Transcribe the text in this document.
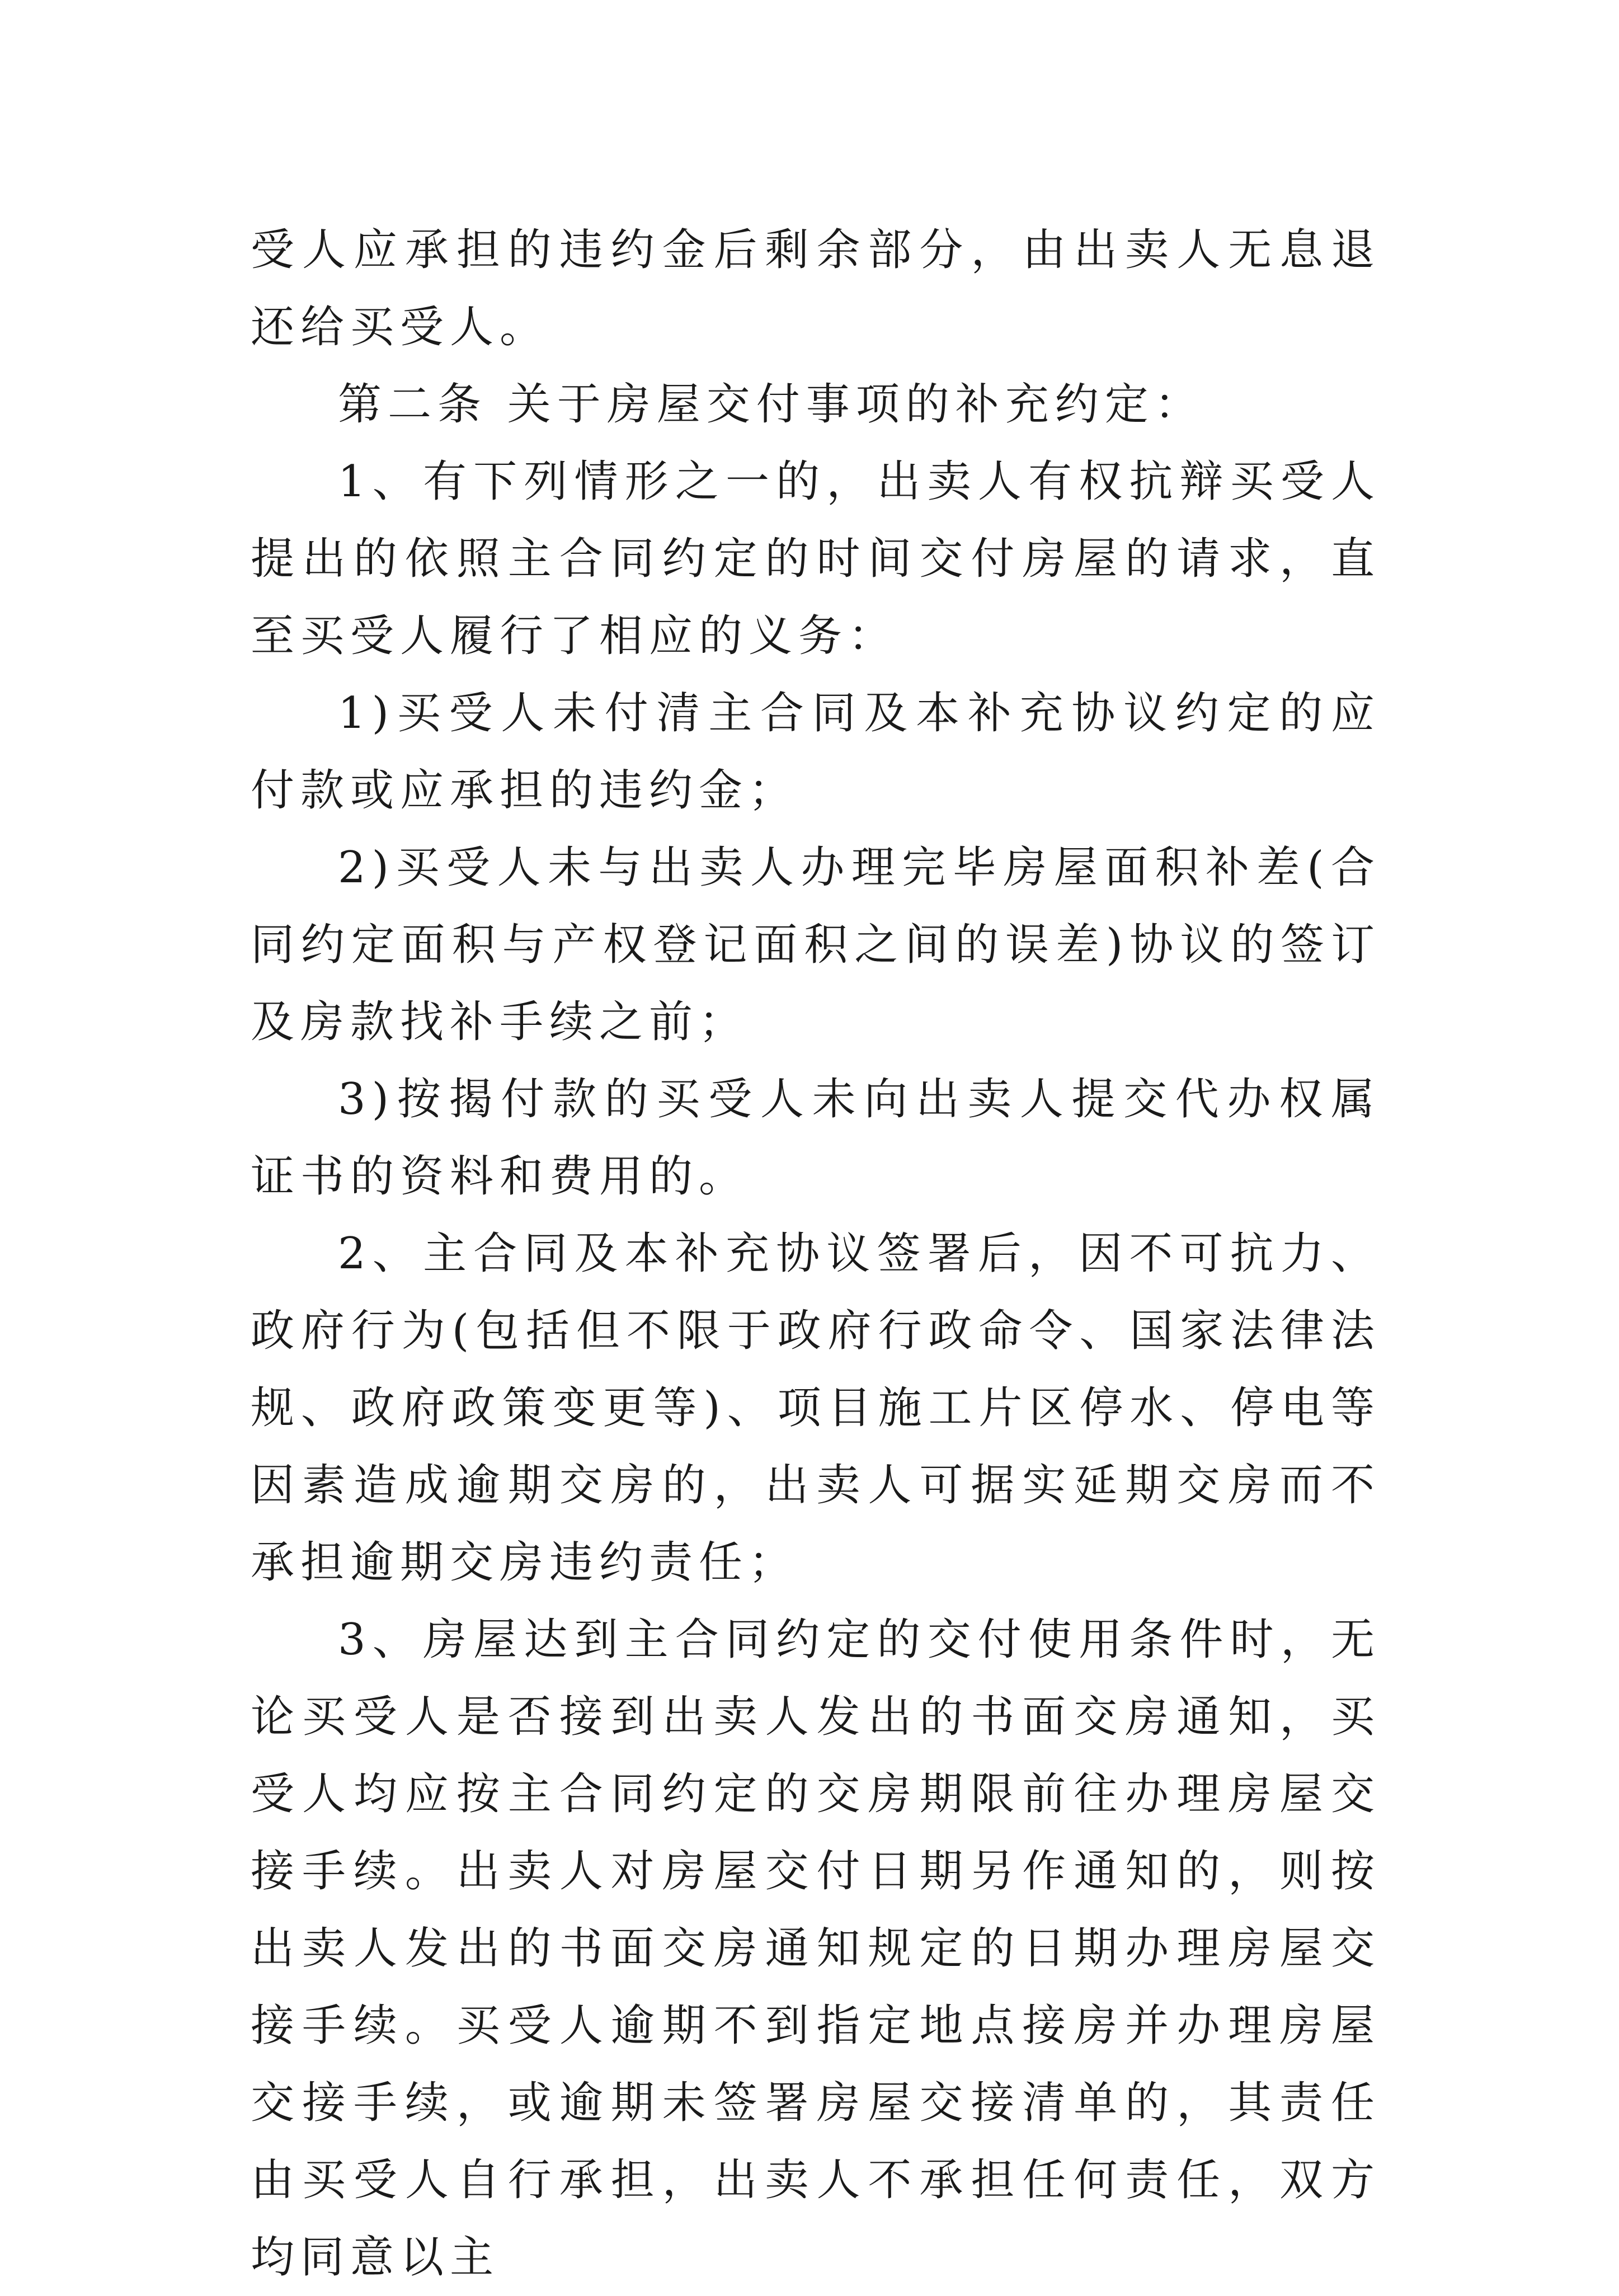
受人应承担的违约金后剩余部分，由出卖人无息退还给买受人。

第二条 关于房屋交付事项的补充约定：

1、有下列情形之一的，出卖人有权抗辩买受人提出的依照主合同约定的时间交付房屋的请求，直至买受人履行了相应的义务：

1)买受人未付清主合同及本补充协议约定的应付款或应承担的违约金；

2)买受人未与出卖人办理完毕房屋面积补差(合同约定面积与产权登记面积之间的误差)协议的签订及房款找补手续之前；

3)按揭付款的买受人未向出卖人提交代办权属证书的资料和费用的。

2、主合同及本补充协议签署后，因不可抗力、政府行为(包括但不限于政府行政命令、国家法律法规、政府政策变更等)、项目施工片区停水、停电等因素造成逾期交房的，出卖人可据实延期交房而不承担逾期交房违约责任；

3、房屋达到主合同约定的交付使用条件时，无论买受人是否接到出卖人发出的书面交房通知，买受人均应按主合同约定的交房期限前往办理房屋交接手续。出卖人对房屋交付日期另作通知的，则按出卖人发出的书面交房通知规定的日期办理房屋交接手续。买受人逾期不到指定地点接房并办理房屋交接手续，或逾期未签署房屋交接清单的，其责任由买受人自行承担，出卖人不承担任何责任，双方均同意以主
